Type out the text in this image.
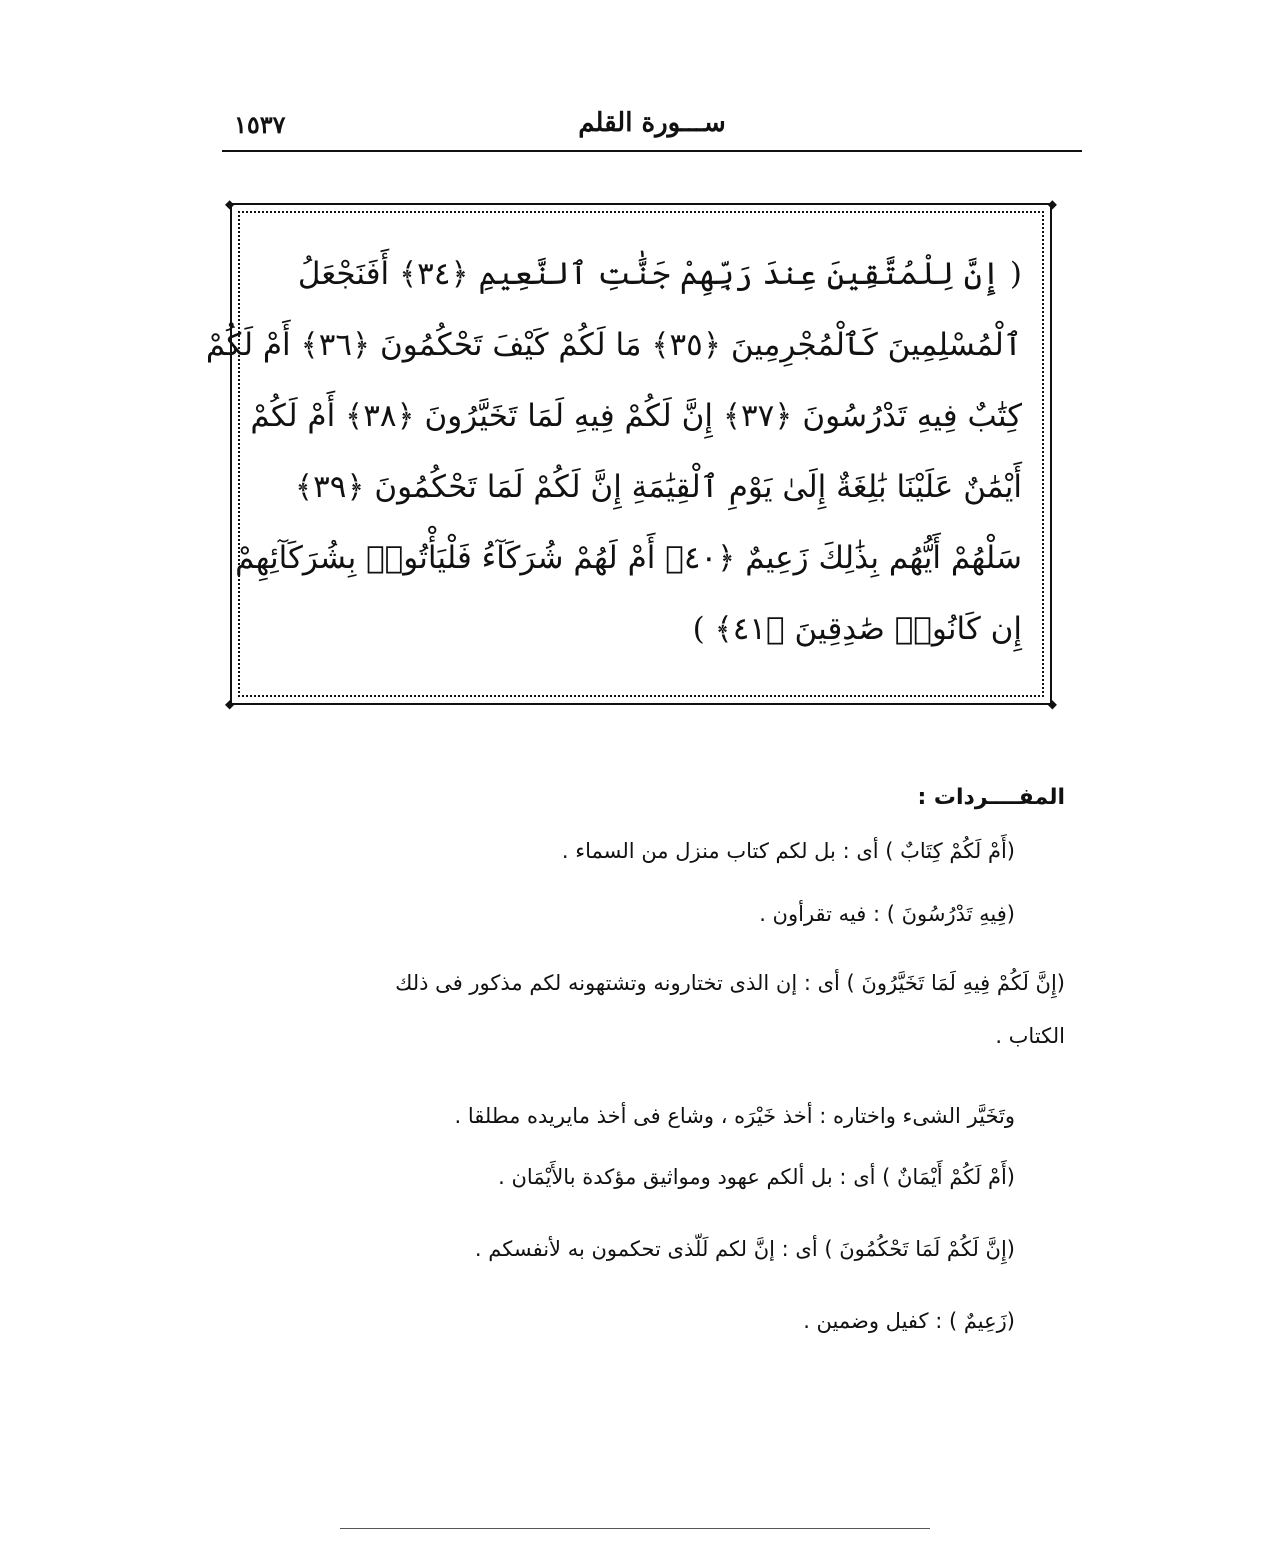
١٥٣٧	ســـورة القلم
◆	◆
◆	◆
( إِنَّ لِلْمُتَّقِينَ عِندَ رَبِّهِمْ جَنَّٰتِ ٱلنَّعِيمِ ﴿٣٤﴾ أَفَنَجْعَلُ
ٱلْمُسْلِمِينَ كَٱلْمُجْرِمِينَ ﴿٣٥﴾ مَا لَكُمْ كَيْفَ تَحْكُمُونَ ﴿٣٦﴾ أَمْ لَكُمْ
كِتَٰبٌ فِيهِ تَدْرُسُونَ ﴿٣٧﴾ إِنَّ لَكُمْ فِيهِ لَمَا تَخَيَّرُونَ ﴿٣٨﴾ أَمْ لَكُمْ
أَيْمَٰنٌ عَلَيْنَا بَٰلِغَةٌ إِلَىٰ يَوْمِ ٱلْقِيَٰمَةِ إِنَّ لَكُمْ لَمَا تَحْكُمُونَ ﴿٣٩﴾
سَلْهُمْ أَيُّهُم بِذَٰلِكَ زَعِيمٌ ﴿٤٠﴾ أَمْ لَهُمْ شُرَكَآءُ فَلْيَأْتُوا۟ بِشُرَكَآئِهِمْ
إِن كَانُوا۟ صَٰدِقِينَ ﴿٤١﴾ )

المفــــردات :

(أَمْ لَكُمْ كِتَابٌ ) أى : بل لكم كتاب منزل من السماء .

(فِيهِ تَدْرُسُونَ ) : فيه تقرأون .

(إِنَّ لَكُمْ فِيهِ لَمَا تَخَيَّرُونَ ) أى : إن الذى تختارونه وتشتهونه لكم مذكور فى ذلك

الكتاب .

وتَخَيَّر الشىء واختاره : أخذ خَيْرَه ، وشاع فى أخذ مايريده مطلقا .

(أَمْ لَكُمْ أَيْمَانٌ ) أى : بل ألكم عهود ومواثيق مؤكدة بالأَيْمَان .

(إِنَّ لَكُمْ لَمَا تَحْكُمُونَ ) أى : إنَّ لكم لَلّذى تحكمون به لأنفسكم .

(زَعِيمٌ ) : كفيل وضمين .
